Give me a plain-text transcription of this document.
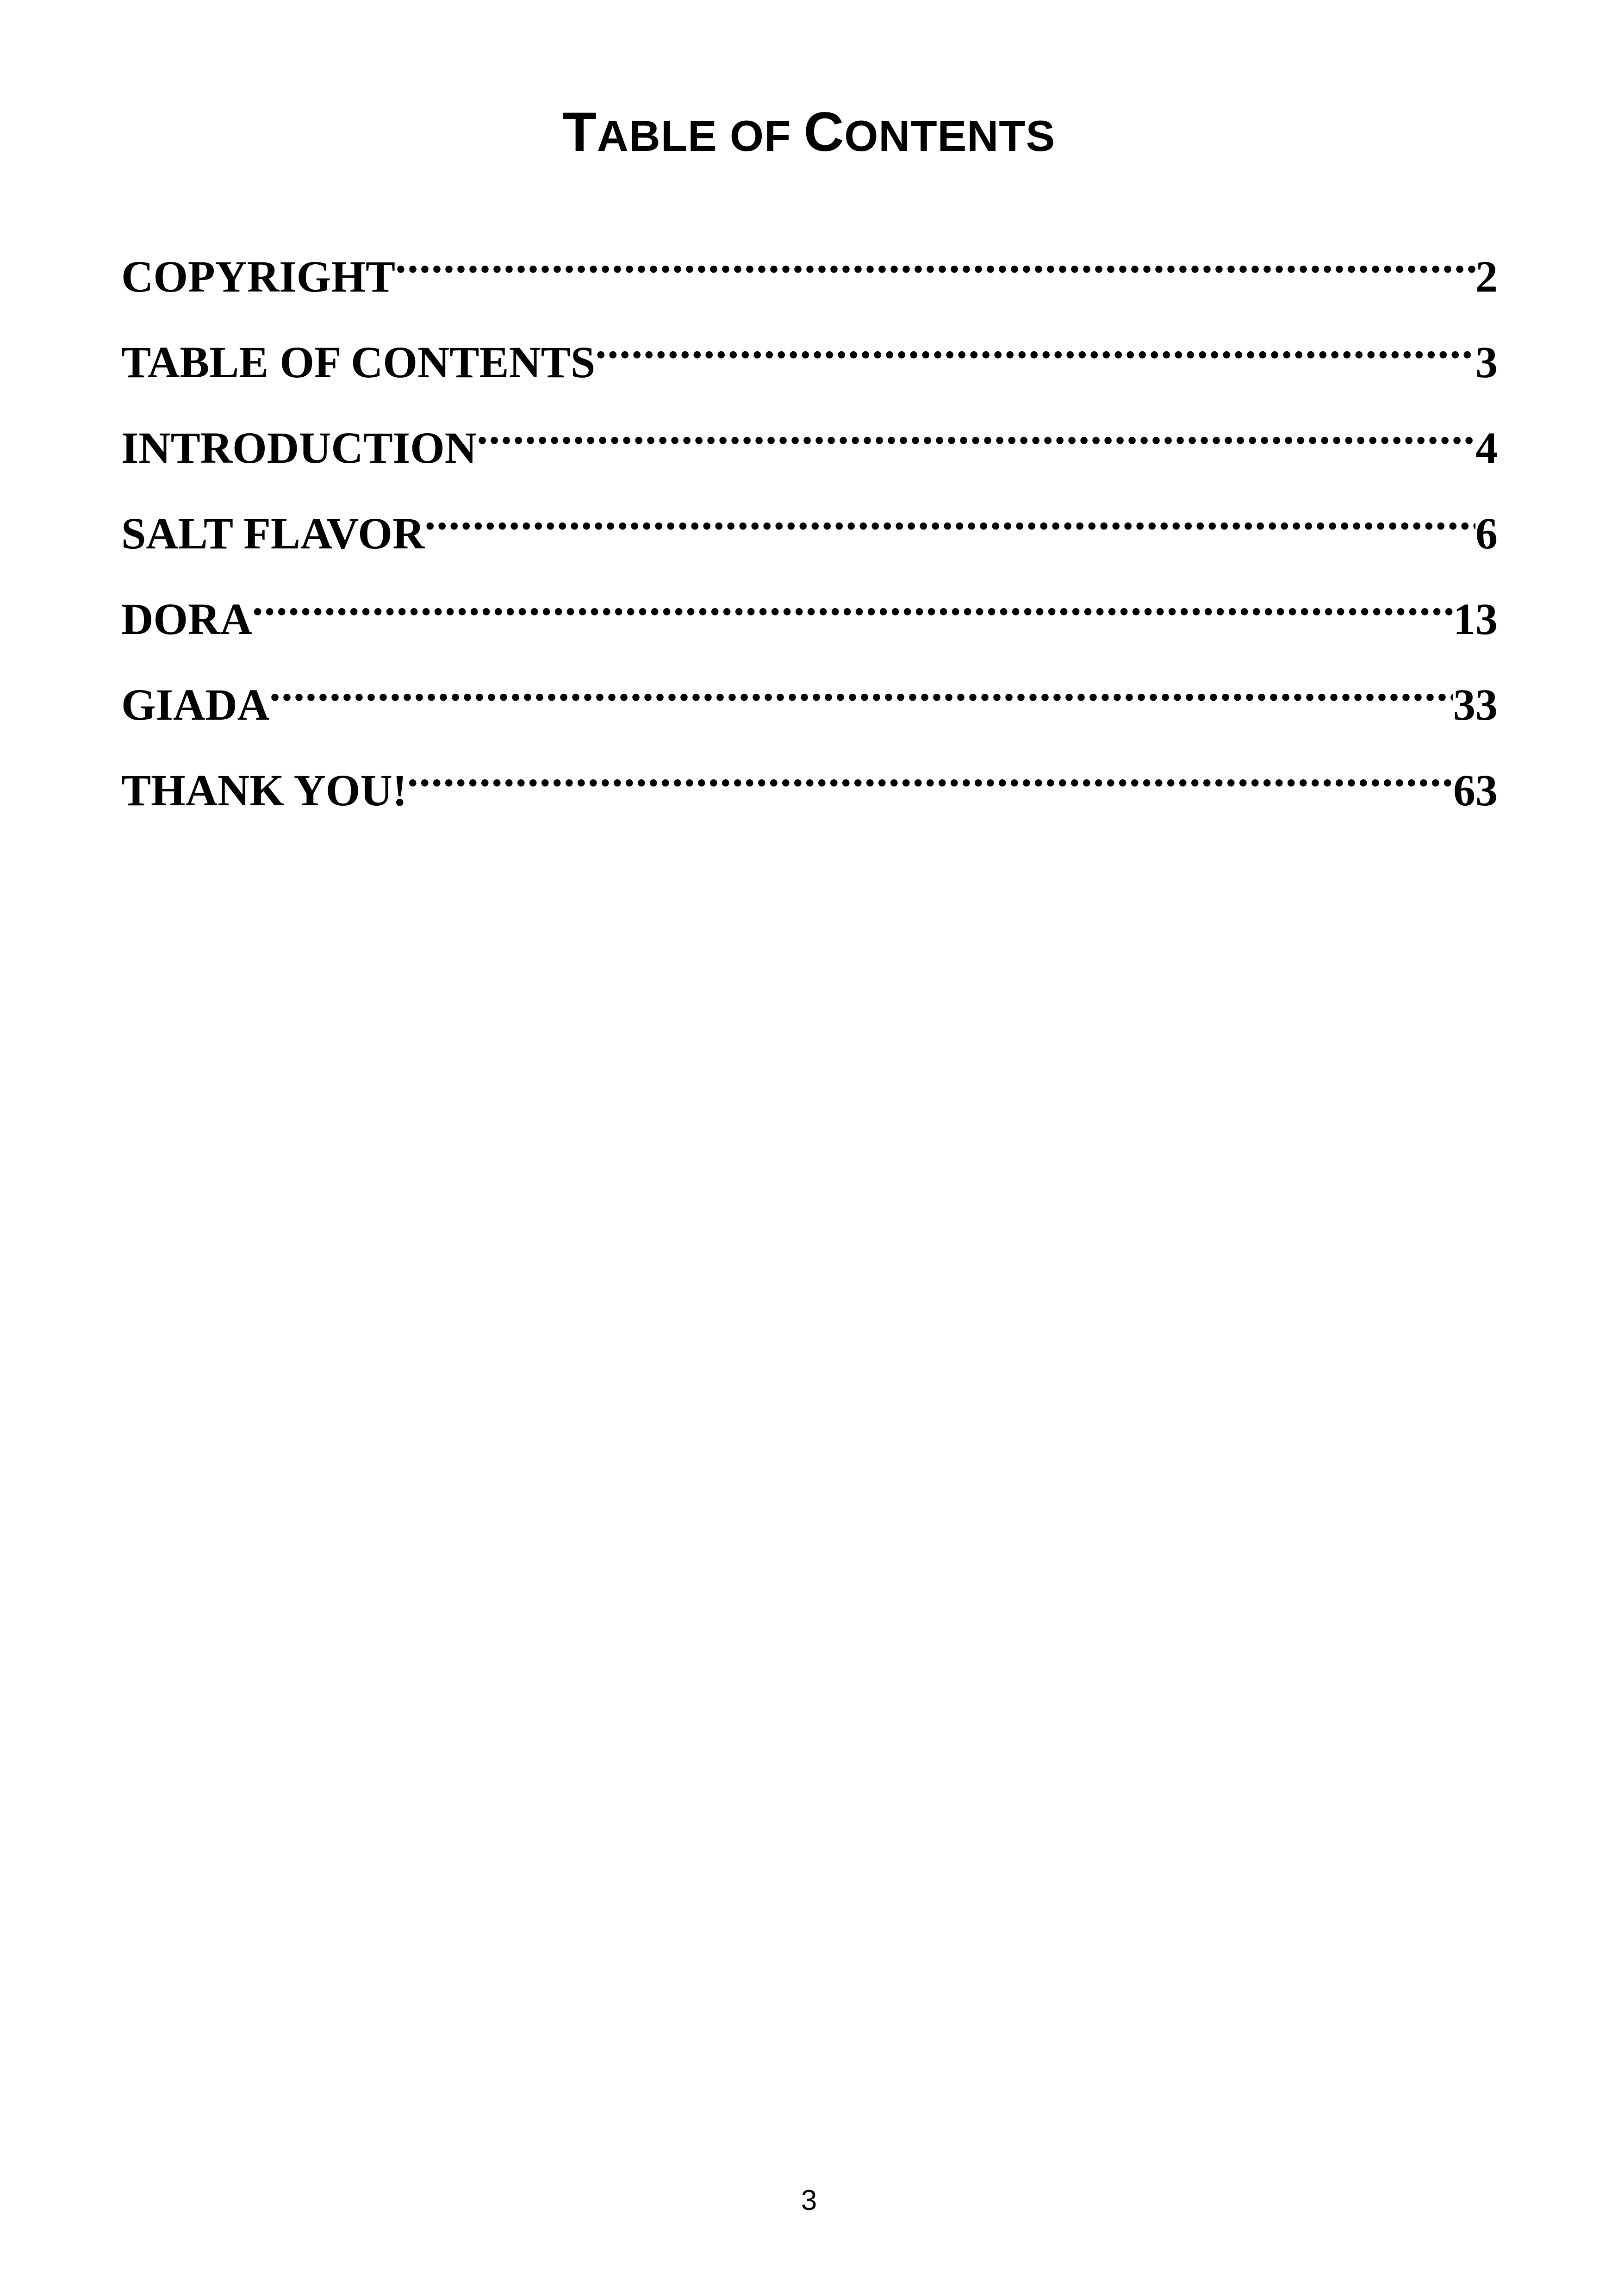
TABLE OF CONTENTS
COPYRIGHT .....	2
TABLE OF CONTENTS .....	3
INTRODUCTION .....	4
SALT FLAVOR .....	6
DORA .....	13
GIADA .....	33
THANK YOU! .....	63
3
